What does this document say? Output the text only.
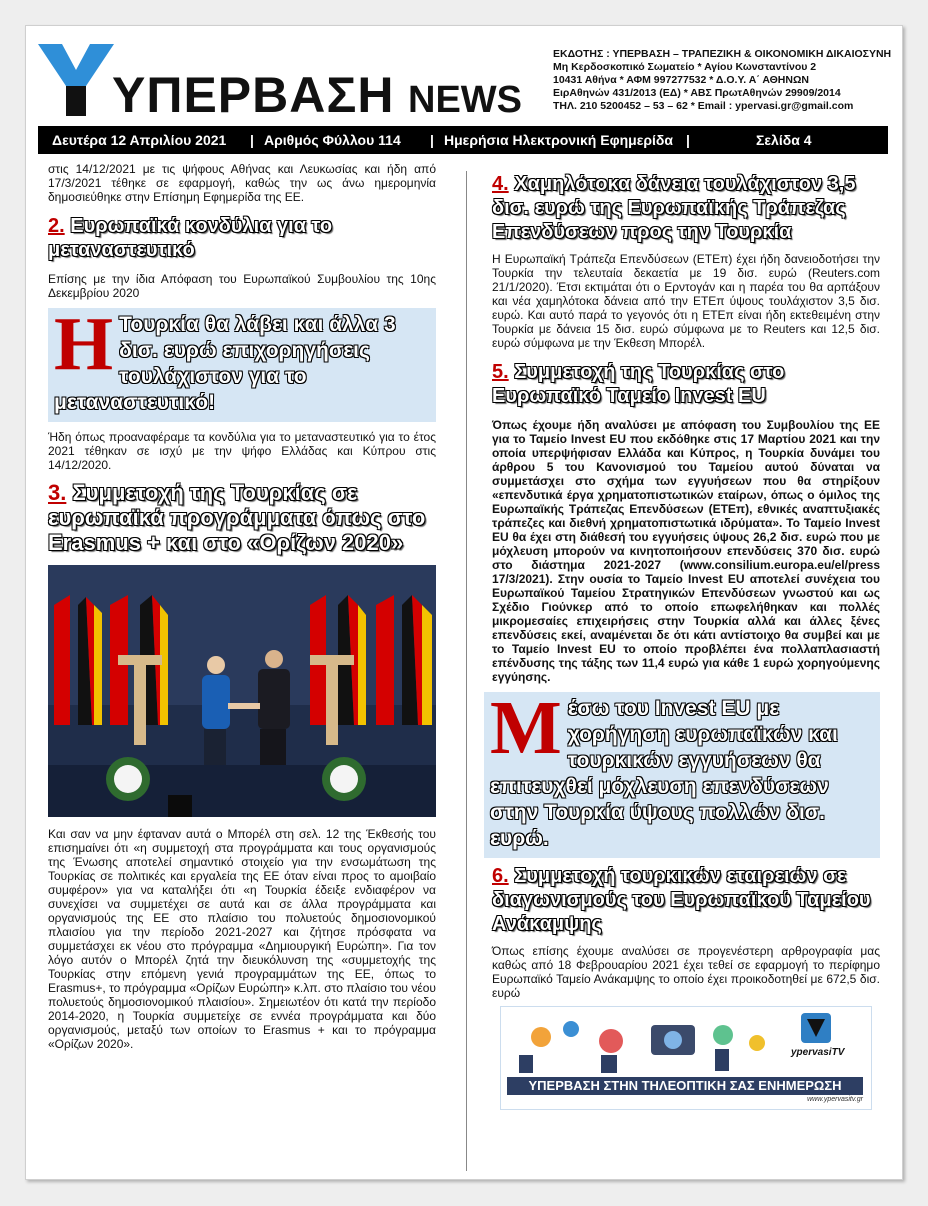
ΥΠΕΡΒΑΣΗ NEWS
ΕΚΔΟΤΗΣ : ΥΠΕΡΒΑΣΗ – ΤΡΑΠΕΖΙΚΗ & ΟΙΚΟΝΟΜΙΚΗ ΔΙΚΑΙΟΣΥΝΗ
Μη Κερδοσκοπικό Σωματείο * Αγίου Κωνσταντίνου 2
10431 Αθήνα * ΑΦΜ 997277532 * Δ.Ο.Υ. Α΄ ΑΘΗΝΩΝ
ΕιρΑθηνών 431/2013 (ΕΔ) * ΑΒΣ ΠρωτΑθηνών 29909/2014
ΤΗΛ. 210 5200452 – 53 – 62 * Email : ypervasi.gr@gmail.com
Δευτέρα 12 Απριλίου 2021 | Αριθμός Φύλλου 114 | Ημερήσια Ηλεκτρονική Εφημερίδα |	Σελίδα 4

στις 14/12/2021 με τις ψήφους Αθήνας και Λευκωσίας και ήδη από 17/3/2021 τέθηκε σε εφαρμογή, καθώς την ως άνω ημερομηνία δημοσιεύθηκε στην Επίσημη Εφημερίδα της ΕΕ.

2. Ευρωπαϊκά κονδύλια για το μεταναστευτικό

Επίσης με την ίδια Απόφαση του Ευρωπαϊκού Συμβουλίου της 10ης Δεκεμβρίου 2020

Η Τουρκία θα λάβει και άλλα 3 δισ. ευρώ επιχορηγήσεις τουλάχιστον για το μεταναστευτικό!

Ήδη όπως προαναφέραμε τα κονδύλια για το μεταναστευτικό για το έτος 2021 τέθηκαν σε ισχύ με την ψήφο Ελλάδας και Κύπρου στις 14/12/2020.

3. Συμμετοχή της Τουρκίας σε ευρωπαϊκά προγράμματα όπως στο Erasmus + και στο «Ορίζων 2020»

Και σαν να μην έφταναν αυτά ο Μπορέλ στη σελ. 12 της Έκθεσής του επισημαίνει ότι «η συμμετοχή στα προγράμματα και τους οργανισμούς της Ένωσης αποτελεί σημαντικό στοιχείο για την ενσωμάτωση της Τουρκίας σε πολιτικές και εργαλεία της ΕΕ όταν είναι προς το αμοιβαίο συμφέρον» για να καταλήξει ότι «η Τουρκία έδειξε ενδιαφέρον να συνεχίσει να συμμετέχει σε αυτά και σε άλλα προγράμματα και οργανισμούς της ΕΕ στο πλαίσιο του πολυετούς δημοσιονομικού πλαισίου για την περίοδο 2021-2027 και ζήτησε πρόσφατα να συμμετάσχει εκ νέου στο πρόγραμμα «Δημιουργική Ευρώπη». Για τον λόγο αυτόν ο Μπορέλ ζητά την διευκόλυνση της «συμμετοχής της Τουρκίας στην επόμενη γενιά προγραμμάτων της ΕΕ, όπως το Erasmus+, το πρόγραμμα «Ορίζων Ευρώπη» κ.λπ. στο πλαίσιο του νέου πολυετούς δημοσιονομικού πλαισίου». Σημειωτέον ότι κατά την περίοδο 2014-2020, η Τουρκία συμμετείχε σε εννέα προγράμματα και δύο οργανισμούς, μεταξύ των οποίων το Erasmus + και το πρόγραμμα «Ορίζων 2020».

4. Χαμηλότοκα δάνεια τουλάχιστον 3,5 δισ. ευρώ της Ευρωπαϊκής Τράπεζας Επενδύσεων προς την Τουρκία

Η Ευρωπαϊκή Τράπεζα Επενδύσεων (ΕΤΕπ) έχει ήδη δανειοδοτήσει την Τουρκία την τελευταία δεκαετία με 19 δισ. ευρώ (Reuters.com 21/1/2020). Έτσι εκτιμάται ότι ο Ερντογάν και η παρέα του θα αρπάξουν και νέα χαμηλότοκα δάνεια από την ΕΤΕπ ύψους τουλάχιστον 3,5 δισ. ευρώ. Και αυτό παρά το γεγονός ότι η ΕΤΕπ είναι ήδη εκτεθειμένη στην Τουρκία με δάνεια 15 δισ. ευρώ σύμφωνα με το Reuters και 12,5 δισ. ευρώ σύμφωνα με την Έκθεση Μπορέλ.

5. Συμμετοχή της Τουρκίας στο Ευρωπαϊκό Ταμείο Invest EU

Όπως έχουμε ήδη αναλύσει με απόφαση του Συμβουλίου της ΕΕ για το Ταμείο Invest EU που εκδόθηκε στις 17 Μαρτίου 2021 και την οποία υπερψήφισαν Ελλάδα και Κύπρος, η Τουρκία δυνάμει του άρθρου 5 του Κανονισμού του Ταμείου αυτού δύναται να συμμετάσχει στο σχήμα των εγγυήσεων που θα στηρίξουν «επενδυτικά έργα χρηματοπιστωτικών εταίρων, όπως ο όμιλος της Ευρωπαϊκής Τράπεζας Επενδύσεων (ΕΤΕπ), εθνικές αναπτυξιακές τράπεζες και διεθνή χρηματοπιστωτικά ιδρύματα». Το Ταμείο Invest EU θα έχει στη διάθεσή του εγγυήσεις ύψους 26,2 δισ. ευρώ που με μόχλευση μπορούν να κινητοποιήσουν επενδύσεις 370 δισ. ευρώ στο διάστημα 2021-2027 (www.consilium.europa.eu/el/press 17/3/2021). Στην ουσία το Ταμείο Invest EU αποτελεί συνέχεια του Ευρωπαϊκού Ταμείου Στρατηγικών Επενδύσεων γνωστού και ως Σχέδιο Γιούνκερ από το οποίο επωφελήθηκαν και πολλές μικρομεσαίες επιχειρήσεις στην Τουρκία αλλά και άλλες ξένες επενδύσεις εκεί, αναμένεται δε ότι κάτι αντίστοιχο θα συμβεί και με το Ταμείο Invest EU το οποίο προβλέπει ένα πολλαπλασιαστή επένδυσης της τάξης των 11,4 ευρώ για κάθε 1 ευρώ χορηγούμενης εγγύησης.

Μ έσω του Invest EU με χορήγηση ευρωπαϊκών και τουρκικών εγγυήσεων θα επιτευχθεί μόχλευση επενδύσεων στην Τουρκία ύψους πολλών δισ. ευρώ.
6. Συμμετοχή τουρκικών εταιρειών σε διαγωνισμούς του Ευρωπαϊκού Ταμείου Ανάκαμψης

Όπως επίσης έχουμε αναλύσει σε προγενέστερη αρθρογραφία μας καθώς από 18 Φεβρουαρίου 2021 έχει τεθεί σε εφαρμογή το περίφημο Ευρωπαϊκό Ταμείο Ανάκαμψης το οποίο έχει προικοδοτηθεί με 672,5 δισ. ευρώ

ypervasiTV
ΥΠΕΡΒΑΣΗ ΣΤΗΝ ΤΗΛΕΟΠΤΙΚΗ ΣΑΣ ΕΝΗΜΕΡΩΣΗ
www.ypervasitv.gr
